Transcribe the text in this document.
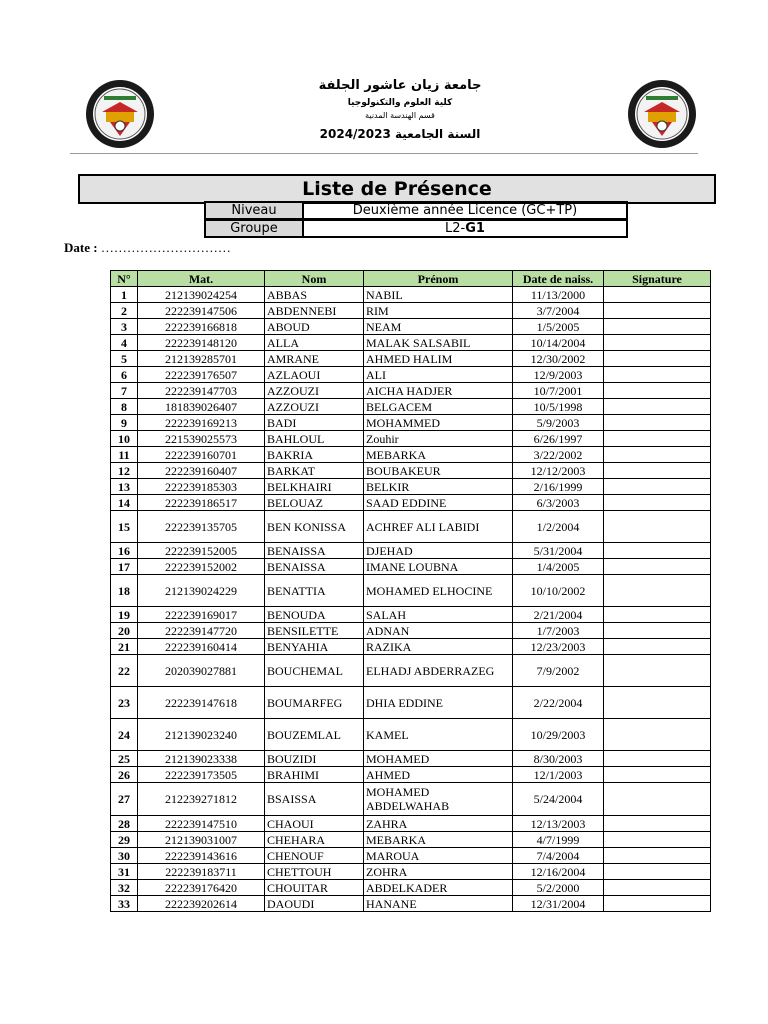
جامعة زيان عاشور الجلفة
كلية العلوم والتكنولوجيا
قسم الهندسة المدنية
السنة الجامعية 2024/2023
Liste de Présence
Niveau	Deuxième année Licence (GC+TP)
Groupe	L2-G1
Date : …………………………
N°	Mat.	Nom	Prénom	Date de naiss.	Signature
1	212139024254	ABBAS	NABIL	11/13/2000	
2	222239147506	ABDENNEBI	RIM	3/7/2004	
3	222239166818	ABOUD	NEAM	1/5/2005	
4	222239148120	ALLA	MALAK SALSABIL	10/14/2004	
5	212139285701	AMRANE	AHMED HALIM	12/30/2002	
6	222239176507	AZLAOUI	ALI	12/9/2003	
7	222239147703	AZZOUZI	AICHA HADJER	10/7/2001	
8	181839026407	AZZOUZI	BELGACEM	10/5/1998	
9	222239169213	BADI	MOHAMMED	5/9/2003	
10	221539025573	BAHLOUL	Zouhir	6/26/1997	
11	222239160701	BAKRIA	MEBARKA	3/22/2002	
12	222239160407	BARKAT	BOUBAKEUR	12/12/2003	
13	222239185303	BELKHAIRI	BELKIR	2/16/1999	
14	222239186517	BELOUAZ	SAAD EDDINE	6/3/2003	
15	222239135705	BEN KONISSA	ACHREF ALI LABIDI	1/2/2004	
16	222239152005	BENAISSA	DJEHAD	5/31/2004	
17	222239152002	BENAISSA	IMANE LOUBNA	1/4/2005	
18	212139024229	BENATTIA	MOHAMED ELHOCINE	10/10/2002	
19	222239169017	BENOUDA	SALAH	2/21/2004	
20	222239147720	BENSILETTE	ADNAN	1/7/2003	
21	222239160414	BENYAHIA	RAZIKA	12/23/2003	
22	202039027881	BOUCHEMAL	ELHADJ ABDERRAZEG	7/9/2002	
23	222239147618	BOUMARFEG	DHIA EDDINE	2/22/2004	
24	212139023240	BOUZEMLAL	KAMEL	10/29/2003	
25	212139023338	BOUZIDI	MOHAMED	8/30/2003	
26	222239173505	BRAHIMI	AHMED	12/1/2003	
27	212239271812	BSAISSA	MOHAMED ABDELWAHAB	5/24/2004	
28	222239147510	CHAOUI	ZAHRA	12/13/2003	
29	212139031007	CHEHARA	MEBARKA	4/7/1999	
30	222239143616	CHENOUF	MAROUA	7/4/2004	
31	222239183711	CHETTOUH	ZOHRA	12/16/2004	
32	222239176420	CHOUITAR	ABDELKADER	5/2/2000	
33	222239202614	DAOUDI	HANANE	12/31/2004	
